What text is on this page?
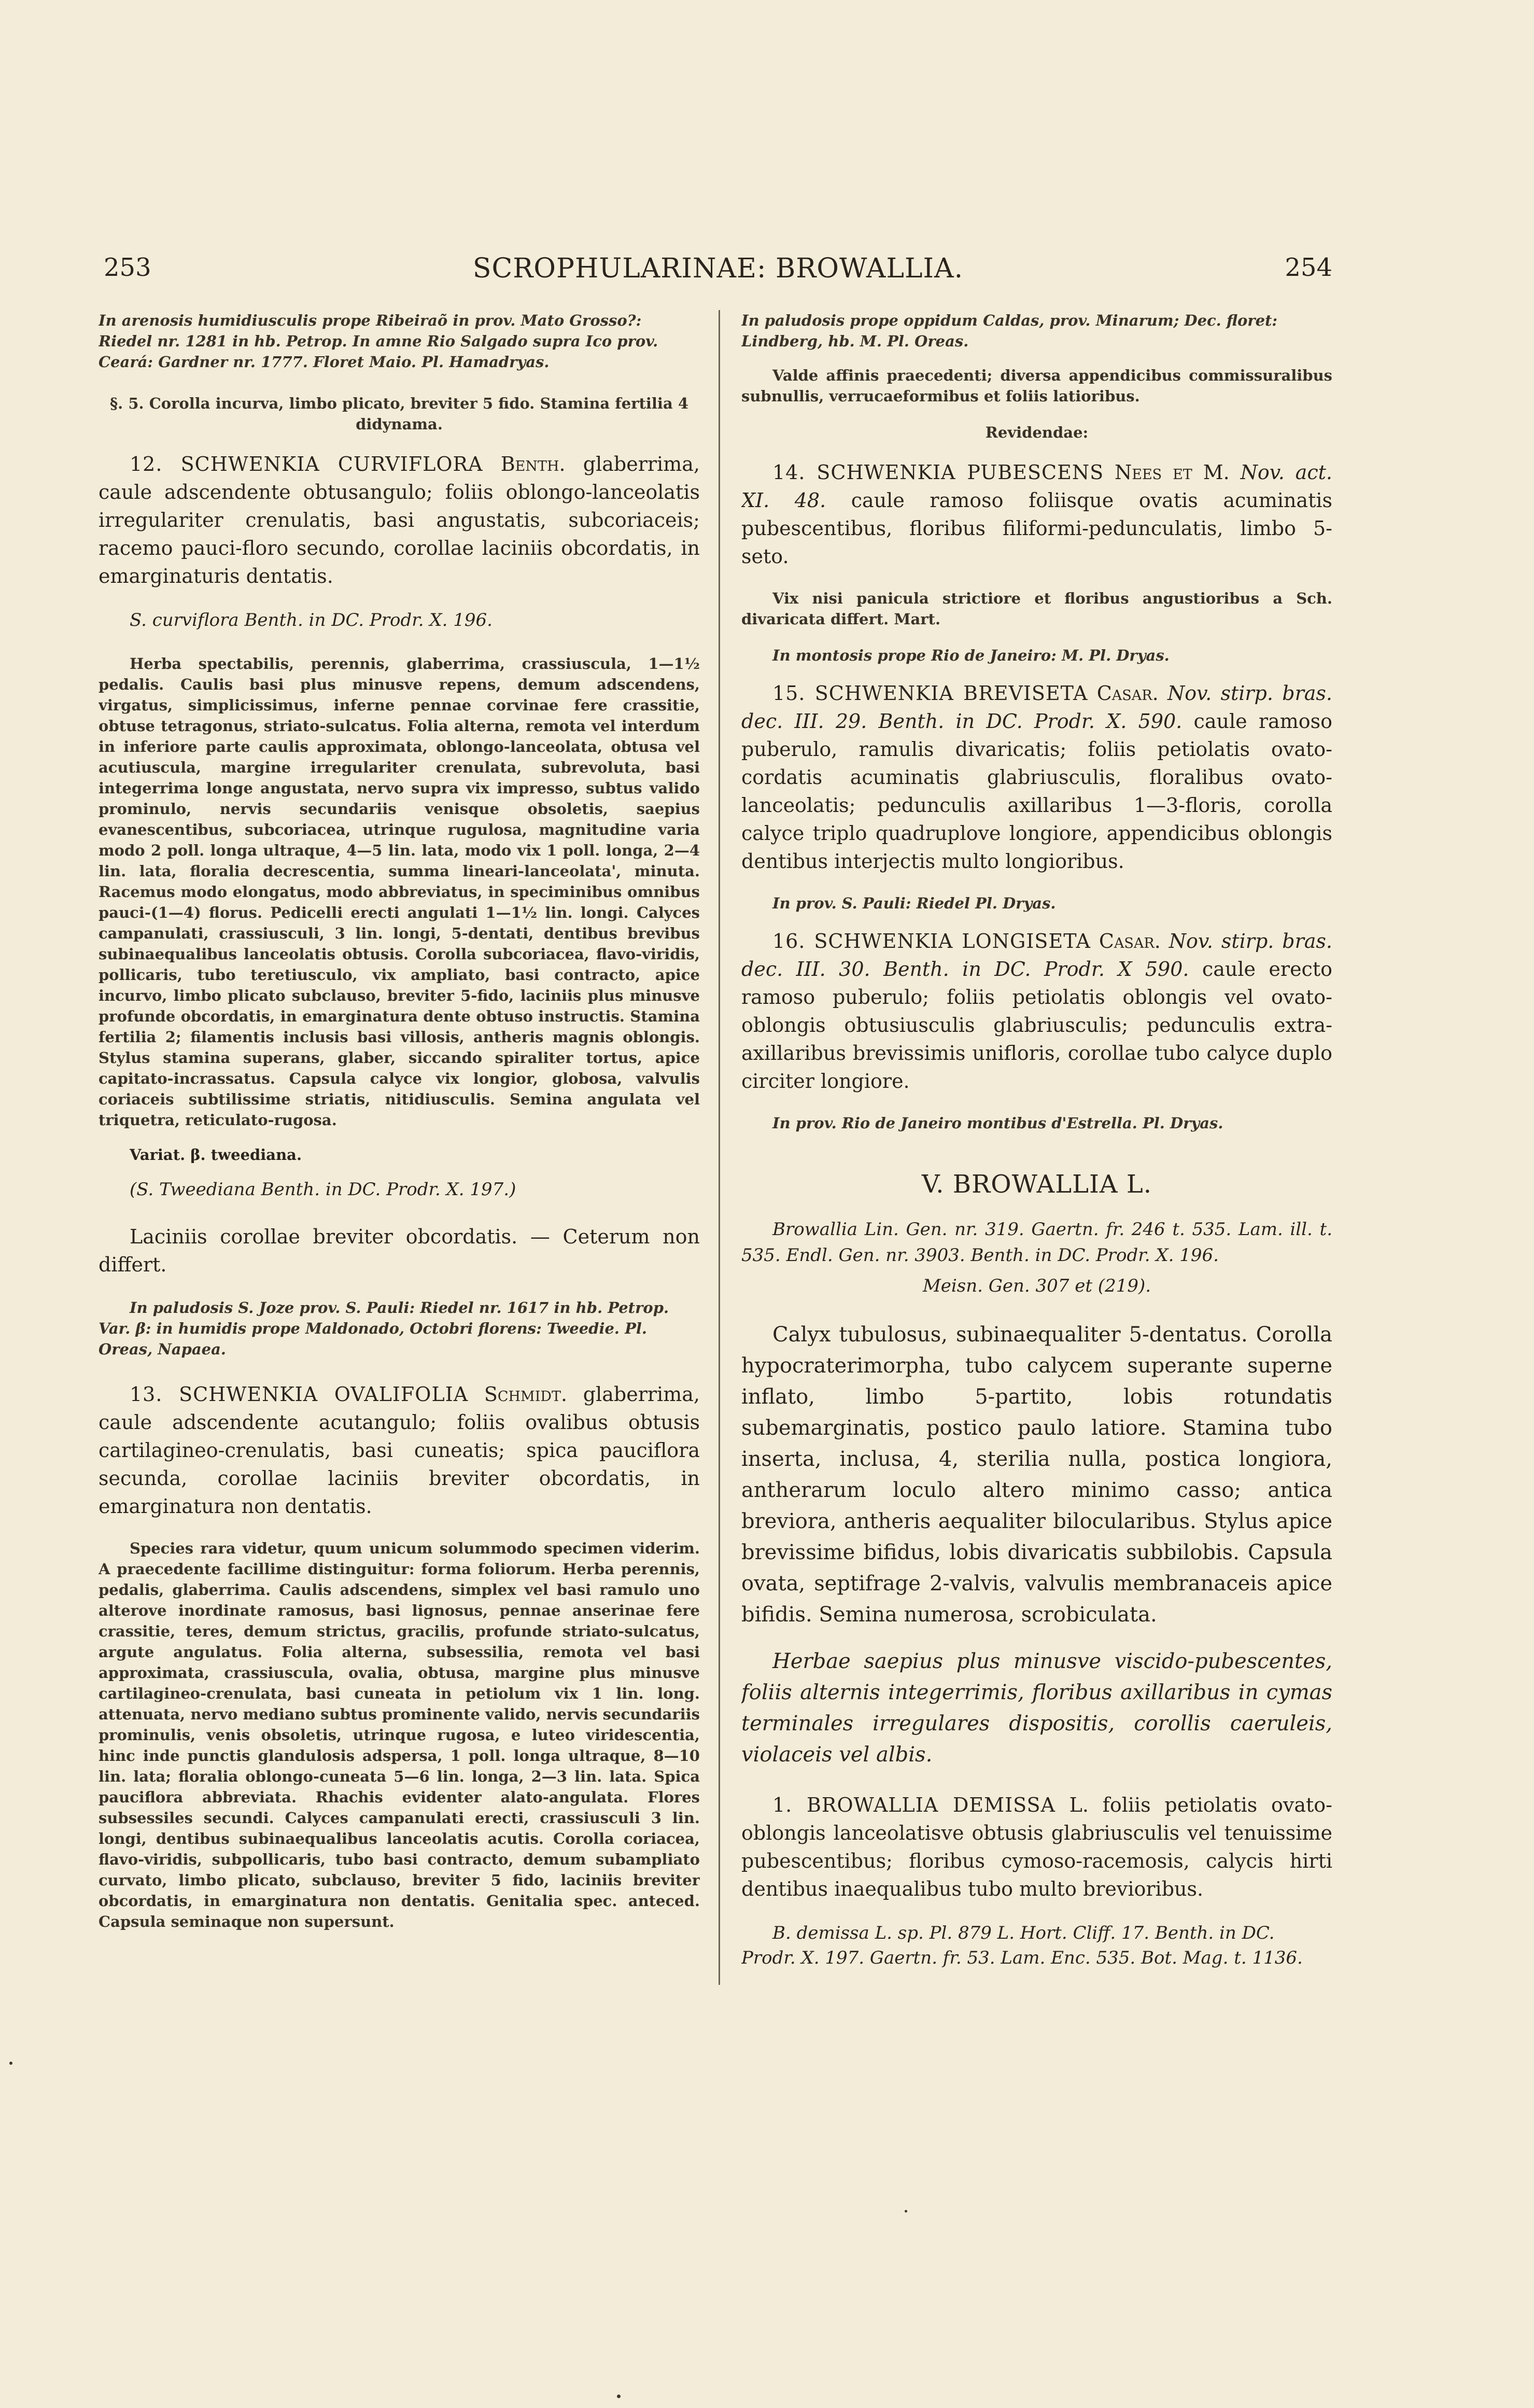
253	SCROPHULARINAE: BROWALLIA.	254

In arenosis humidiusculis prope Ribeiraõ in prov. Mato Grosso?: Riedel nr. 1281 in hb. Petrop. In amne Rio Salgado supra Ico prov. Ceará: Gardner nr. 1777. Floret Maio. Pl. Hamadryas.

§. 5. Corolla incurva, limbo plicato, breviter 5 fido. Stamina fertilia 4 didynama.

12. SCHWENKIA CURVIFLORA Benth. glaberrima, caule adscendente obtusangulo; foliis oblongo-lanceolatis irregulariter crenulatis, basi angustatis, subcoriaceis; racemo pauci-floro secundo, corollae laciniis obcordatis, in emarginaturis dentatis.

S. curviflora Benth. in DC. Prodr. X. 196.

Herba spectabilis, perennis, glaberrima, crassiuscula, 1—1½ pedalis. Caulis basi plus minusve repens, demum adscendens, virgatus, simplicissimus, inferne pennae corvinae fere crassitie, obtuse tetragonus, striato-sulcatus. Folia alterna, remota vel interdum in inferiore parte caulis approximata, oblongo-lanceolata, obtusa vel acutiuscula, margine irregulariter crenulata, subrevoluta, basi integerrima longe angustata, nervo supra vix impresso, subtus valido prominulo, nervis secundariis venisque obsoletis, saepius evanescentibus, subcoriacea, utrinque rugulosa, magnitudine varia modo 2 poll. longa ultraque, 4—5 lin. lata, modo vix 1 poll. longa, 2—4 lin. lata, floralia decrescentia, summa lineari-lanceolata', minuta. Racemus modo elongatus, modo abbreviatus, in speciminibus omnibus pauci-(1—4) florus. Pedicelli erecti angulati 1—1½ lin. longi. Calyces campanulati, crassiusculi, 3 lin. longi, 5-dentati, dentibus brevibus subinaequalibus lanceolatis obtusis. Corolla subcoriacea, flavo-viridis, pollicaris, tubo teretiusculo, vix ampliato, basi contracto, apice incurvo, limbo plicato subclauso, breviter 5-fido, laciniis plus minusve profunde obcordatis, in emarginatura dente obtuso instructis. Stamina fertilia 2; filamentis inclusis basi villosis, antheris magnis oblongis. Stylus stamina superans, glaber, siccando spiraliter tortus, apice capitato-incrassatus. Capsula calyce vix longior, globosa, valvulis coriaceis subtilissime striatis, nitidiusculis. Semina angulata vel triquetra, reticulato-rugosa.

Variat. β. tweediana.

(S. Tweediana Benth. in DC. Prodr. X. 197.)

Laciniis corollae breviter obcordatis. — Ceterum non differt.

In paludosis S. Joze prov. S. Pauli: Riedel nr. 1617 in hb. Petrop. Var. β: in humidis prope Maldonado, Octobri florens: Tweedie. Pl. Oreas, Napaea.

13. SCHWENKIA OVALIFOLIA Schmidt. glaberrima, caule adscendente acutangulo; foliis ovalibus obtusis cartilagineo-crenulatis, basi cuneatis; spica pauciflora secunda, corollae laciniis breviter obcordatis, in emarginatura non dentatis.

Species rara videtur, quum unicum solummodo specimen viderim. A praecedente facillime distinguitur: forma foliorum. Herba perennis, pedalis, glaberrima. Caulis adscendens, simplex vel basi ramulo uno alterove inordinate ramosus, basi lignosus, pennae anserinae fere crassitie, teres, demum strictus, gracilis, profunde striato-sulcatus, argute angulatus. Folia alterna, subsessilia, remota vel basi approximata, crassiuscula, ovalia, obtusa, margine plus minusve cartilagineo-crenulata, basi cuneata in petiolum vix 1 lin. long. attenuata, nervo mediano subtus prominente valido, nervis secundariis prominulis, venis obsoletis, utrinque rugosa, e luteo viridescentia, hinc inde punctis glandulosis adspersa, 1 poll. longa ultraque, 8—10 lin. lata; floralia oblongo-cuneata 5—6 lin. longa, 2—3 lin. lata. Spica pauciflora abbreviata. Rhachis evidenter alato-angulata. Flores subsessiles secundi. Calyces campanulati erecti, crassiusculi 3 lin. longi, dentibus subinaequalibus lanceolatis acutis. Corolla coriacea, flavo-viridis, subpollicaris, tubo basi contracto, demum subampliato curvato, limbo plicato, subclauso, breviter 5 fido, laciniis breviter obcordatis, in emarginatura non dentatis. Genitalia spec. anteced. Capsula seminaque non supersunt.

In paludosis prope oppidum Caldas, prov. Minarum; Dec. floret: Lindberg, hb. M. Pl. Oreas.

Valde affinis praecedenti; diversa appendicibus commissuralibus subnullis, verrucaeformibus et foliis latioribus.

Revidendae:

14. SCHWENKIA PUBESCENS Nees et M. Nov. act. XI. 48. caule ramoso foliisque ovatis acuminatis pubescentibus, floribus filiformi-pedunculatis, limbo 5-seto.

Vix nisi panicula strictiore et floribus angustioribus a Sch. divaricata differt. Mart.

In montosis prope Rio de Janeiro: M. Pl. Dryas.

15. SCHWENKIA BREVISETA Casar. Nov. stirp. bras. dec. III. 29. Benth. in DC. Prodr. X. 590. caule ramoso puberulo, ramulis divaricatis; foliis petiolatis ovato-cordatis acuminatis glabriusculis, floralibus ovato-lanceolatis; pedunculis axillaribus 1—3-floris, corolla calyce triplo quadruplove longiore, appendicibus oblongis dentibus interjectis multo longioribus.

In prov. S. Pauli: Riedel Pl. Dryas.

16. SCHWENKIA LONGISETA Casar. Nov. stirp. bras. dec. III. 30. Benth. in DC. Prodr. X 590. caule erecto ramoso puberulo; foliis petiolatis oblongis vel ovato-oblongis obtusiusculis glabriusculis; pedunculis extra-axillaribus brevissimis unifloris, corollae tubo calyce duplo circiter longiore.

In prov. Rio de Janeiro montibus d'Estrella. Pl. Dryas.

V. BROWALLIA L.

Browallia Lin. Gen. nr. 319. Gaertn. fr. 246 t. 535. Lam. ill. t. 535. Endl. Gen. nr. 3903. Benth. in DC. Prodr. X. 196.

Meisn. Gen. 307 et (219).

Calyx tubulosus, subinaequaliter 5-dentatus. Corolla hypocraterimorpha, tubo calycem superante superne inflato, limbo 5-partito, lobis rotundatis subemarginatis, postico paulo latiore. Stamina tubo inserta, inclusa, 4, sterilia nulla, postica longiora, antherarum loculo altero minimo casso; antica breviora, antheris aequaliter bilocularibus. Stylus apice brevissime bifidus, lobis divaricatis subbilobis. Capsula ovata, septifrage 2-valvis, valvulis membranaceis apice bifidis. Semina numerosa, scrobiculata.

Herbae saepius plus minusve viscido-pubescentes, foliis alternis integerrimis, floribus axillaribus in cymas terminales irregulares dispositis, corollis caeruleis, violaceis vel albis.

1. BROWALLIA DEMISSA L. foliis petiolatis ovato-oblongis lanceolatisve obtusis glabriusculis vel tenuissime pubescentibus; floribus cymoso-racemosis, calycis hirti dentibus inaequalibus tubo multo brevioribus.

B. demissa L. sp. Pl. 879 L. Hort. Cliff. 17. Benth. in DC. Prodr. X. 197. Gaertn. fr. 53. Lam. Enc. 535. Bot. Mag. t. 1136.
